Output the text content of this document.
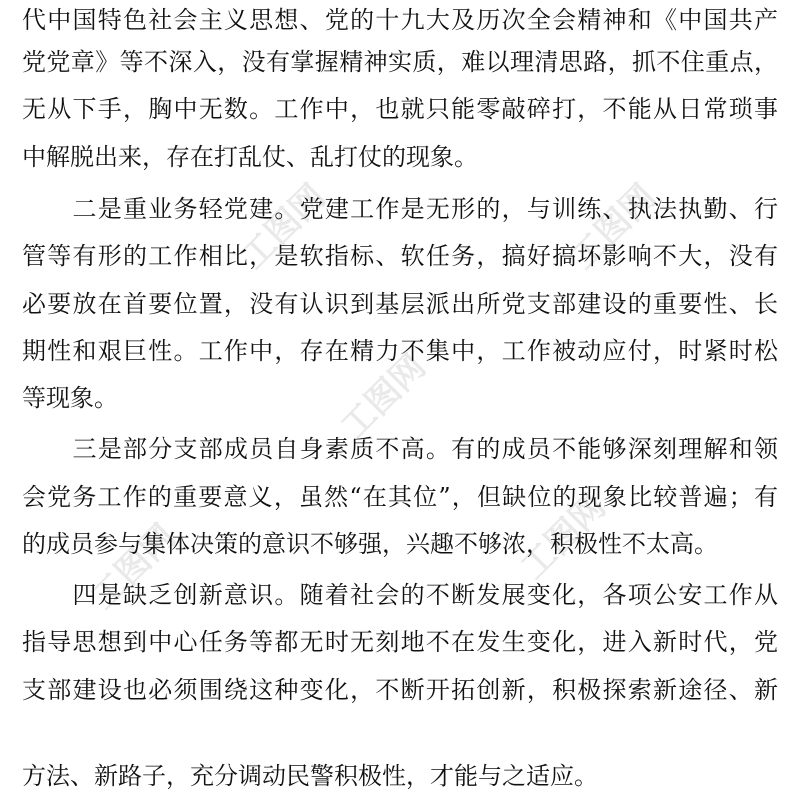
工图网	工图网
工图网
工图网	工图网
代中国特色社会主义思想、党的十九大及历次全会精神和《中国共产
党党章》等不深入，没有掌握精神实质，难以理清思路，抓不住重点，
无从下手，胸中无数。工作中，也就只能零敲碎打，不能从日常琐事
中解脱出来，存在打乱仗、乱打仗的现象。
　　二是重业务轻党建。党建工作是无形的，与训练、执法执勤、行
管等有形的工作相比，是软指标、软任务，搞好搞坏影响不大，没有
必要放在首要位置，没有认识到基层派出所党支部建设的重要性、长
期性和艰巨性。工作中，存在精力不集中，工作被动应付，时紧时松
等现象。
　　三是部分支部成员自身素质不高。有的成员不能够深刻理解和领
会党务工作的重要意义，虽然“在其位”，但缺位的现象比较普遍；有
的成员参与集体决策的意识不够强，兴趣不够浓，积极性不太高。
　　四是缺乏创新意识。随着社会的不断发展变化，各项公安工作从
指导思想到中心任务等都无时无刻地不在发生变化，进入新时代，党
支部建设也必须围绕这种变化，不断开拓创新，积极探索新途径、新
方法、新路子，充分调动民警积极性，才能与之适应。
